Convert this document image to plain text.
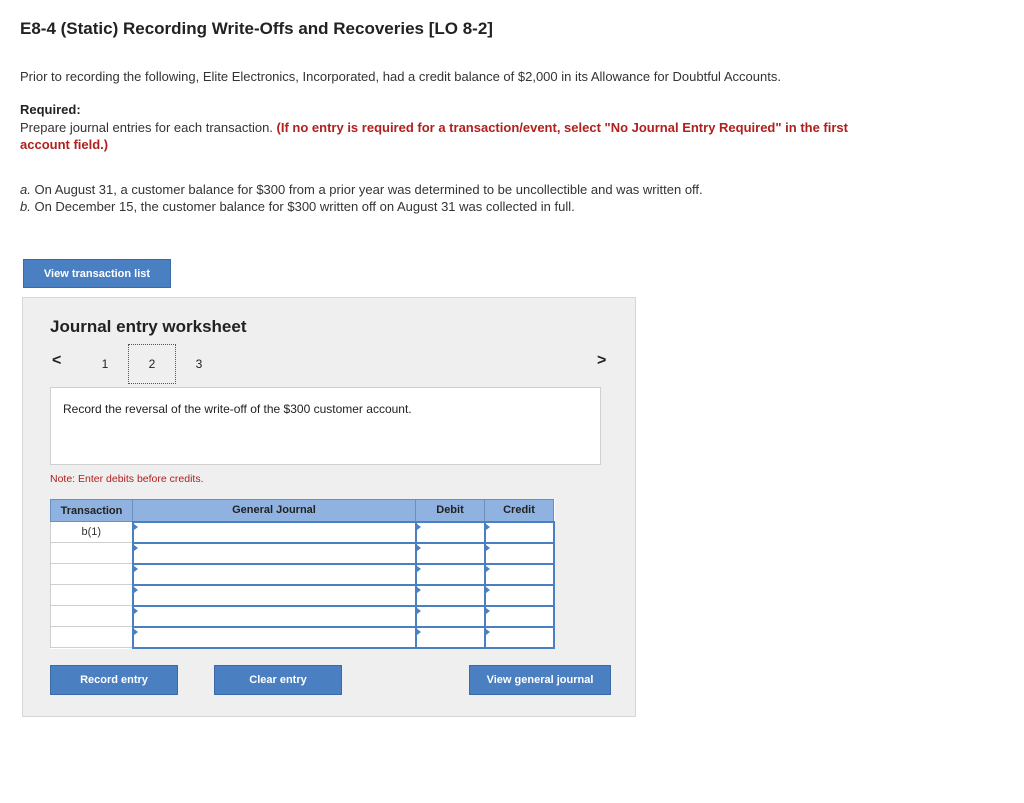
E8-4 (Static) Recording Write-Offs and Recoveries [LO 8-2]
Prior to recording the following, Elite Electronics, Incorporated, had a credit balance of $2,000 in its Allowance for Doubtful Accounts.
Required:
Prepare journal entries for each transaction. (If no entry is required for a transaction/event, select "No Journal Entry Required" in the first account field.)
a. On August 31, a customer balance for $300 from a prior year was determined to be uncollectible and was written off.
b. On December 15, the customer balance for $300 written off on August 31 was collected in full.
View transaction list
Journal entry worksheet
<	1	2	3	>
Record the reversal of the write-off of the $300 customer account.
Note: Enter debits before credits.
Transaction	General Journal	Debit	Credit
b(1)			

Record entry	Clear entry	View general journal
